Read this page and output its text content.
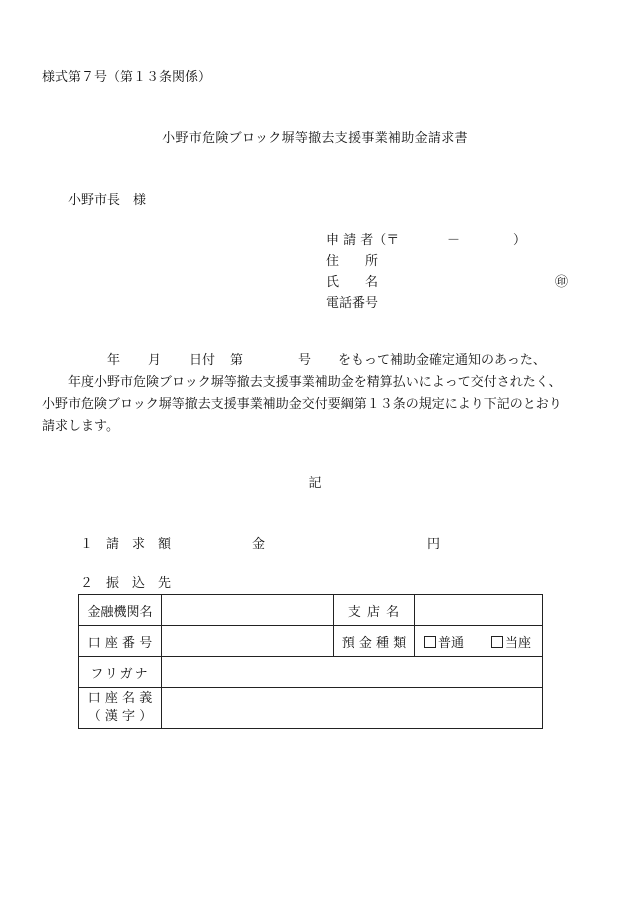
様式第７号（第１３条関係）
小野市危険ブロック塀等撤去支援事業補助金請求書
小野市長　様
申 請 者（〒	－	）
住　　所
氏　　名	㊞
電話番号
年 月 日付 第	号 をもって補助金確定通知のあった、
年度小野市危険ブロック塀等撤去支援事業補助金を精算払いによって交付されたく、
小野市危険ブロック塀等撤去支援事業補助金交付要綱第１３条の規定により下記のとおり
請求します。
記
１　請　求　額	金	円
２　振　込　先
金融機関名		支 店 名	
口 座 番 号		預 金 種 類	普通 当座
フリガナ			

口 座 名 義
（ 漢 字 ）			
